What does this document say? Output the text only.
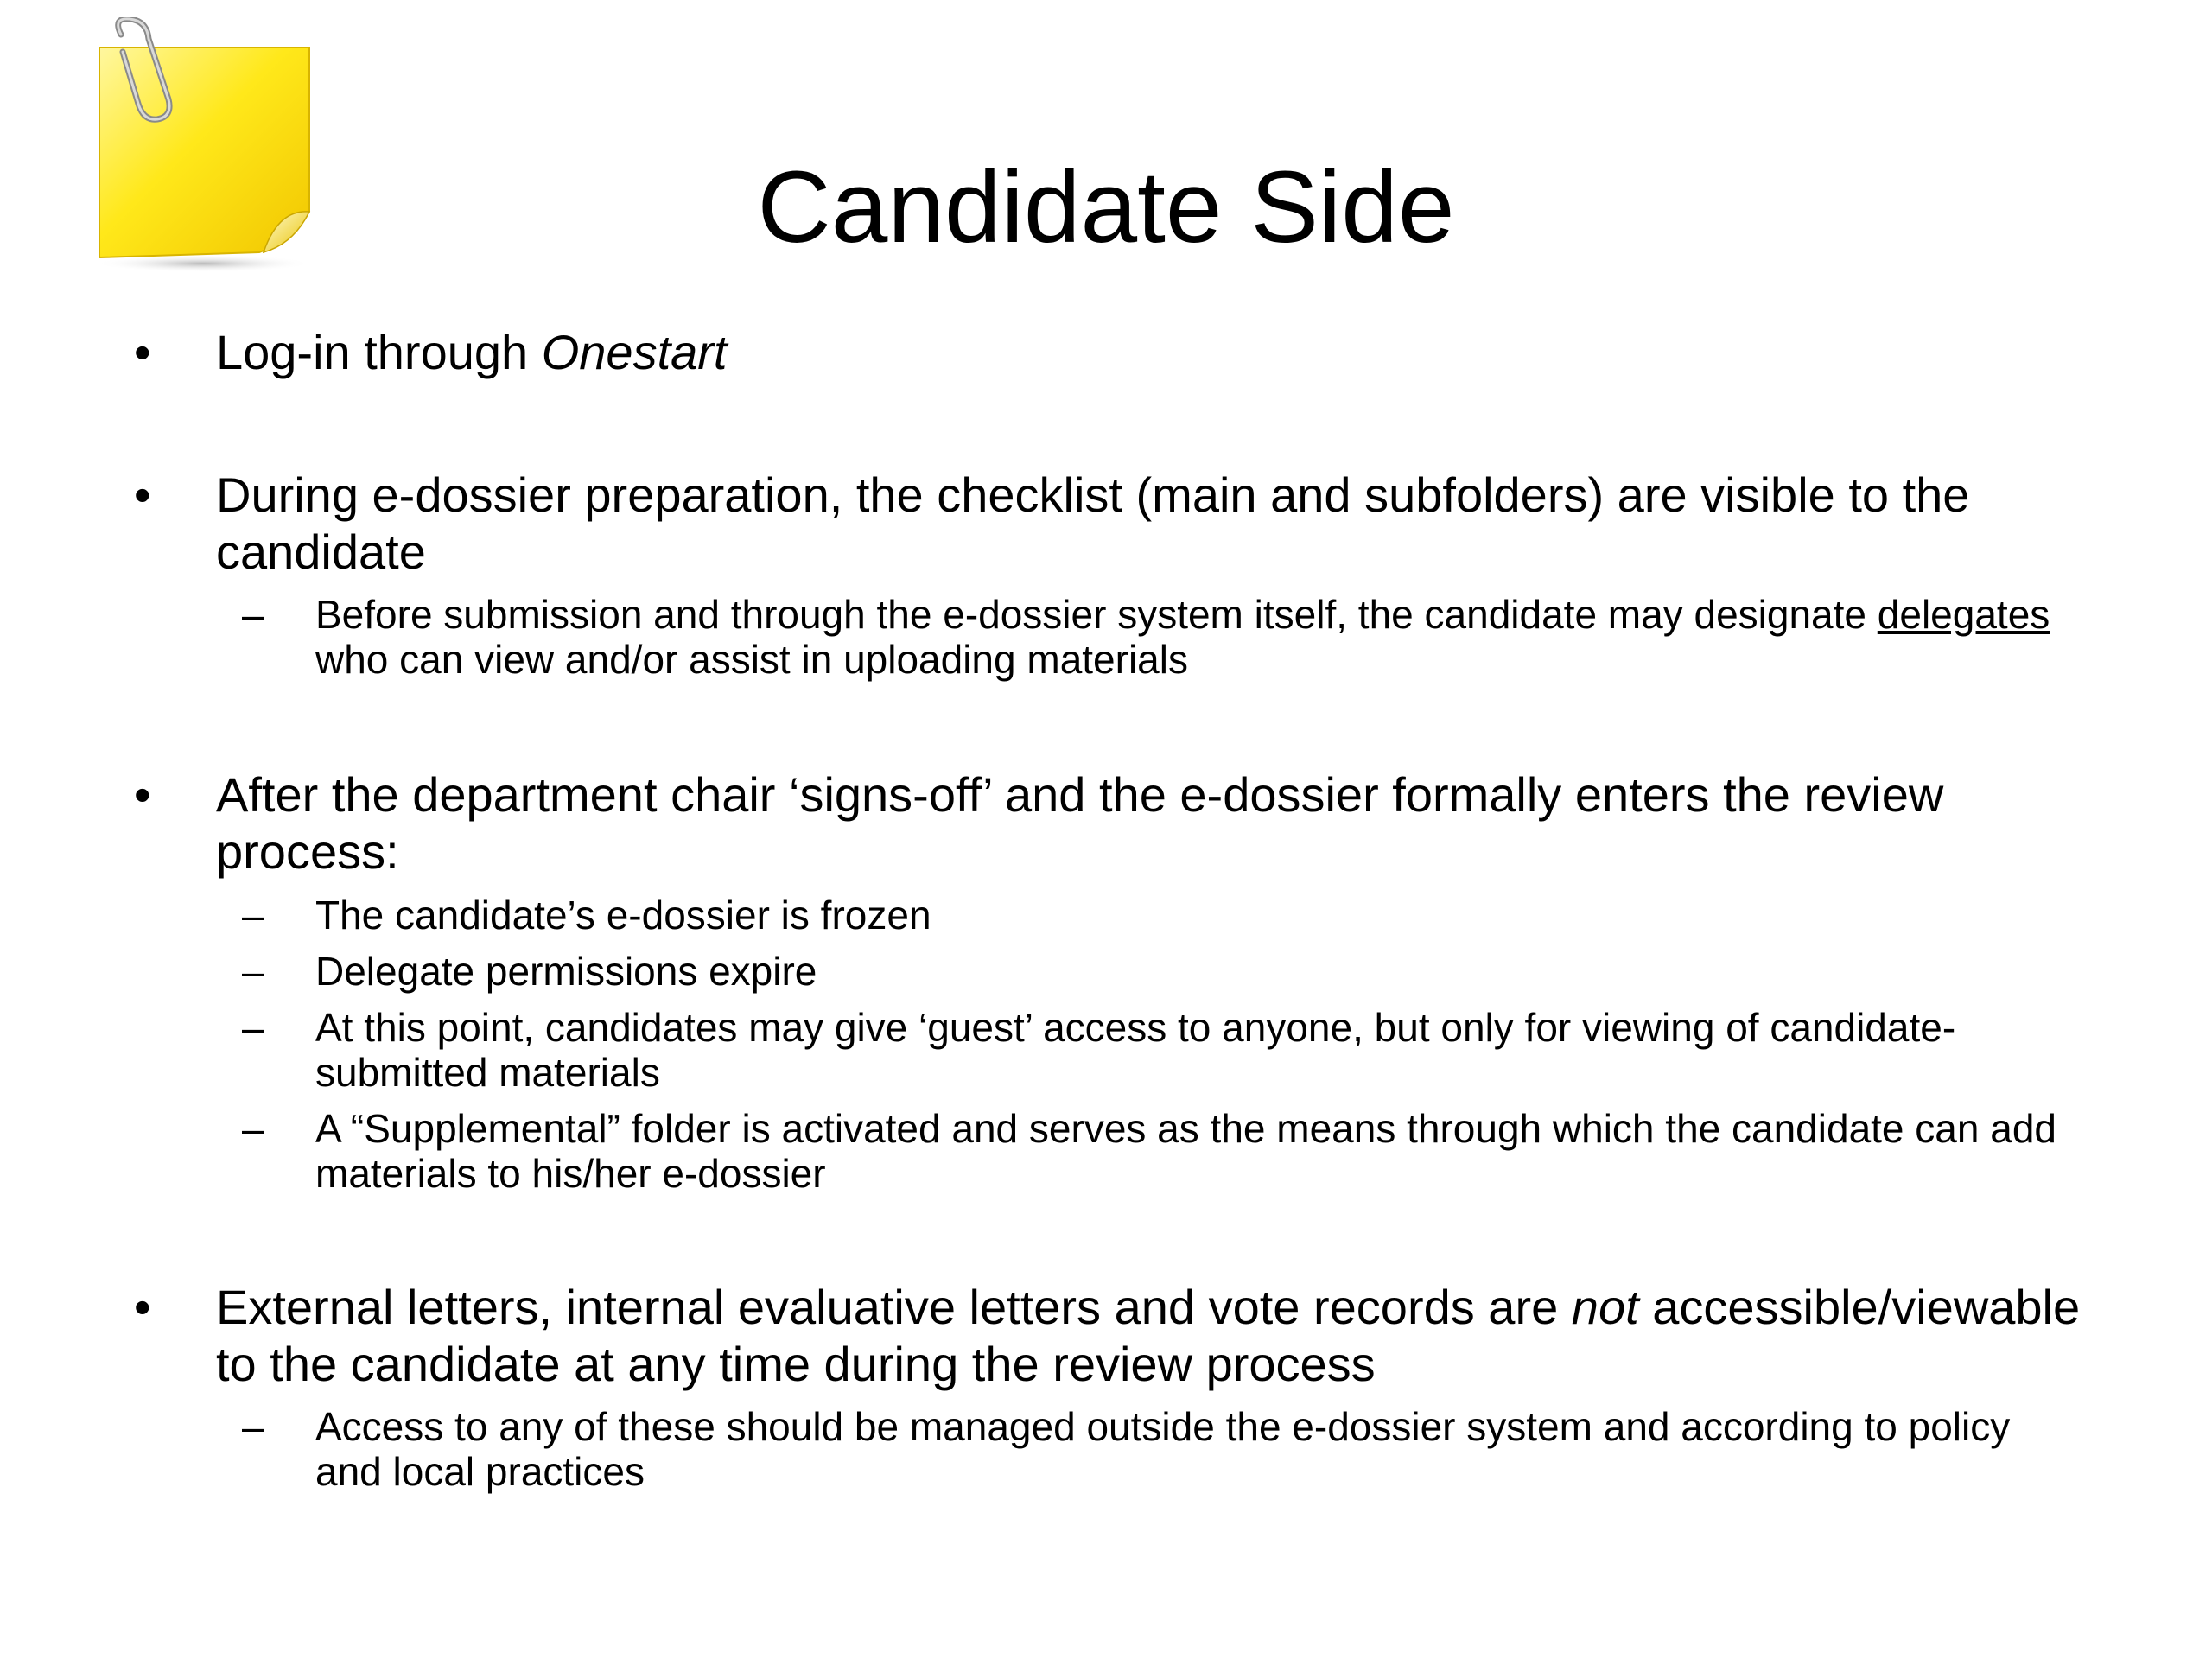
Candidate Side
•	Log-in through Onestart
•	During e-dossier preparation, the checklist (main and subfolders) are visible to the candidate
–	Before submission and through the e-dossier system itself, the candidate may designate delegates who can view and/or assist in uploading materials
•	After the department chair ‘signs-off’ and the e-dossier formally enters the review process:
–	The candidate’s e-dossier is frozen
–	Delegate permissions expire
–	At this point, candidates may give ‘guest’ access to anyone, but only for viewing of candidate-submitted materials
–	A “Supplemental” folder is activated and serves as the means through which the candidate can add materials to his/her e-dossier
•	External letters, internal evaluative letters and vote records are not accessible/viewable to the candidate at any time during the review process
–	Access to any of these should be managed outside the e-dossier system and according to policy and local practices
